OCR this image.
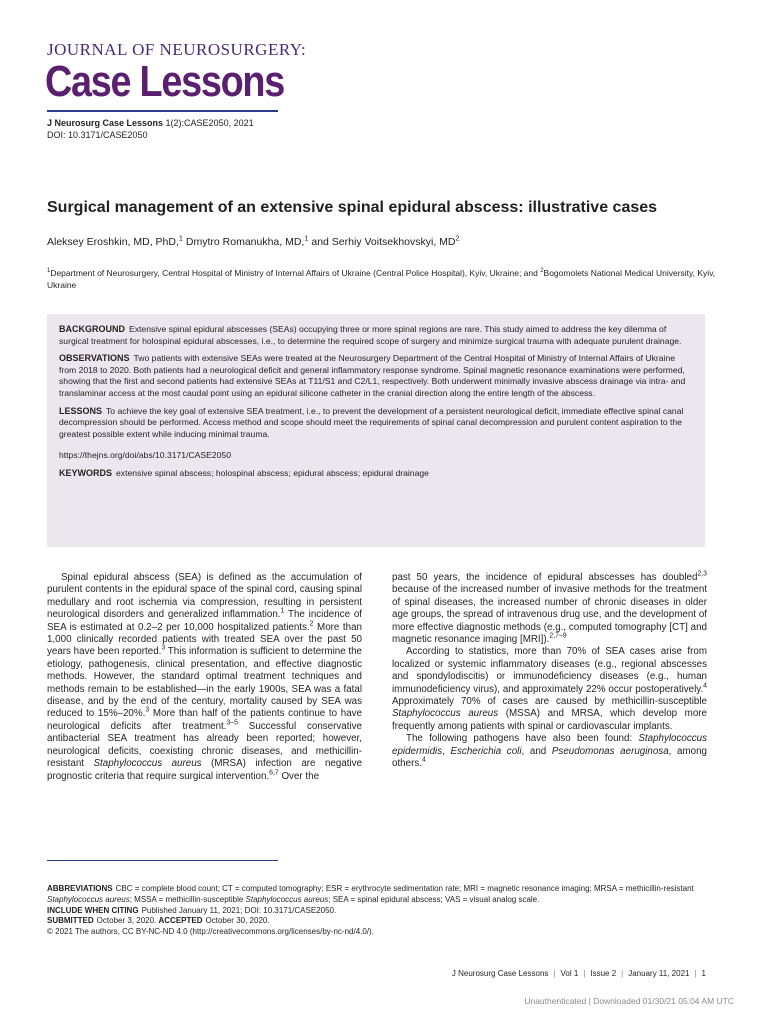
JOURNAL OF NEUROSURGERY:
Case Lessons
J Neurosurg Case Lessons 1(2):CASE2050, 2021
DOI: 10.3171/CASE2050
Surgical management of an extensive spinal epidural abscess: illustrative cases
Aleksey Eroshkin, MD, PhD,$^1$ Dmytro Romanukha, MD,$^1$ and Serhiy Voitsekhovskyi, $MD^2$
$^1$Department of Neurosurgery, Central Hospital of Ministry of Internal Affairs of Ukraine (Central Police Hospital), Kyiv, Ukraine; and $^2$Bogomolets National Medical University, Kyiv, Ukraine

BACKGROUND Extensive spinal epidural abscesses (SEAs) occupying three or more spinal regions are rare. This study aimed to address the key dilemma of surgical treatment for holospinal epidural abscesses, i.e., to determine the required scope of surgery and minimize surgical trauma with adequate purulent drainage.

OBSERVATIONS Two patients with extensive SEAs were treated at the Neurosurgery Department of the Central Hospital of Ministry of Internal Affairs of Ukraine from 2018 to 2020. Both patients had a neurological deficit and general inflammatory response syndrome. Spinal magnetic resonance examinations were performed, showing that the first and second patients had extensive SEAs at T11/S1 and C2/L1, respectively. Both underwent minimally invasive abscess drainage via intra- and translaminar access at the most caudal point using an epidural silicone catheter in the cranial direction along the entire length of the abscess.

LESSONS To achieve the key goal of extensive SEA treatment, i.e., to prevent the development of a persistent neurological deficit, immediate effective spinal canal decompression should be performed. Access method and scope should meet the requirements of spinal canal decompression and purulent content aspiration to the greatest possible extent while inducing minimal trauma.

https://thejns.org/doi/abs/10.3171/CASE2050

KEYWORDS extensive spinal abscess; holospinal abscess; epidural abscess; epidural drainage

Spinal epidural abscess (SEA) is defined as the accumulation of purulent contents in the epidural space of the spinal cord, causing spinal medullary and root ischemia via compression, resulting in persistent neurological disorders and generalized inflammation.$^1$ The incidence of SEA is estimated at 0.2–2 per 10,000 hospitalized patients.$^2$ More than 1,000 clinically recorded patients with treated SEA over the past 50 years have been reported.$^3$ This information is sufficient to determine the etiology, pathogenesis, clinical presentation, and effective diagnostic methods. However, the standard optimal treatment techniques and methods remain to be established—in the early 1900s, SEA was a fatal disease, and by the end of the century, mortality caused by SEA was reduced to 15%–20%.$^3$ More than half of the patients continue to have neurological deficits after treatment.$^{3-5}$ Successful conservative antibacterial SEA treatment has already been reported; however, neurological deficits, coexisting chronic diseases, and methicillin-resistant Staphylococcus aureus (MRSA) infection are negative prognostic criteria that require surgical intervention.$^{6,7}$ Over the

past 50 years, the incidence of epidural abscesses has doubled$^{2,3}$ because of the increased number of invasive methods for the treatment of spinal diseases, the increased number of chronic diseases in older age groups, the spread of intravenous drug use, and the development of more effective diagnostic methods (e.g., computed tomography [CT] and magnetic resonance imaging [MRI]).$^{2,7-9}$

According to statistics, more than 70% of SEA cases arise from localized or systemic inflammatory diseases (e.g., regional abscesses and spondylodiscitis) or immunodeficiency diseases (e.g., human immunodeficiency virus), and approximately 22% occur postoperatively.$^4$ Approximately 70% of cases are caused by methicillin-susceptible Staphylococcus aureus (MSSA) and MRSA, which develop more frequently among patients with spinal or cardiovascular implants.

The following pathogens have also been found: Staphylococcus epidermidis, Escherichia coli, and Pseudomonas aeruginosa, among others.$^4$

ABBREVIATIONS CBC = complete blood count; CT = computed tomography; ESR = erythrocyte sedimentation rate; MRI = magnetic resonance imaging; MRSA = methicillin-resistant Staphylococcus aureus; MSSA = methicillin-susceptible Staphylococcus aureus; SEA = spinal epidural abscess; VAS = visual analog scale.

INCLUDE WHEN CITING Published January 11, 2021; DOI: 10.3171/CASE2050.

SUBMITTED October 3, 2020. ACCEPTED October 30, 2020.

© 2021 The authors, CC BY-NC-ND 4.0 (http://creativecommons.org/licenses/by-nc-nd/4.0/).

J Neurosurg Case Lessons | Vol 1 | Issue 2 | January 11, 2021 | 1
Unauthenticated | Downloaded 01/30/21 05:04 AM UTC
